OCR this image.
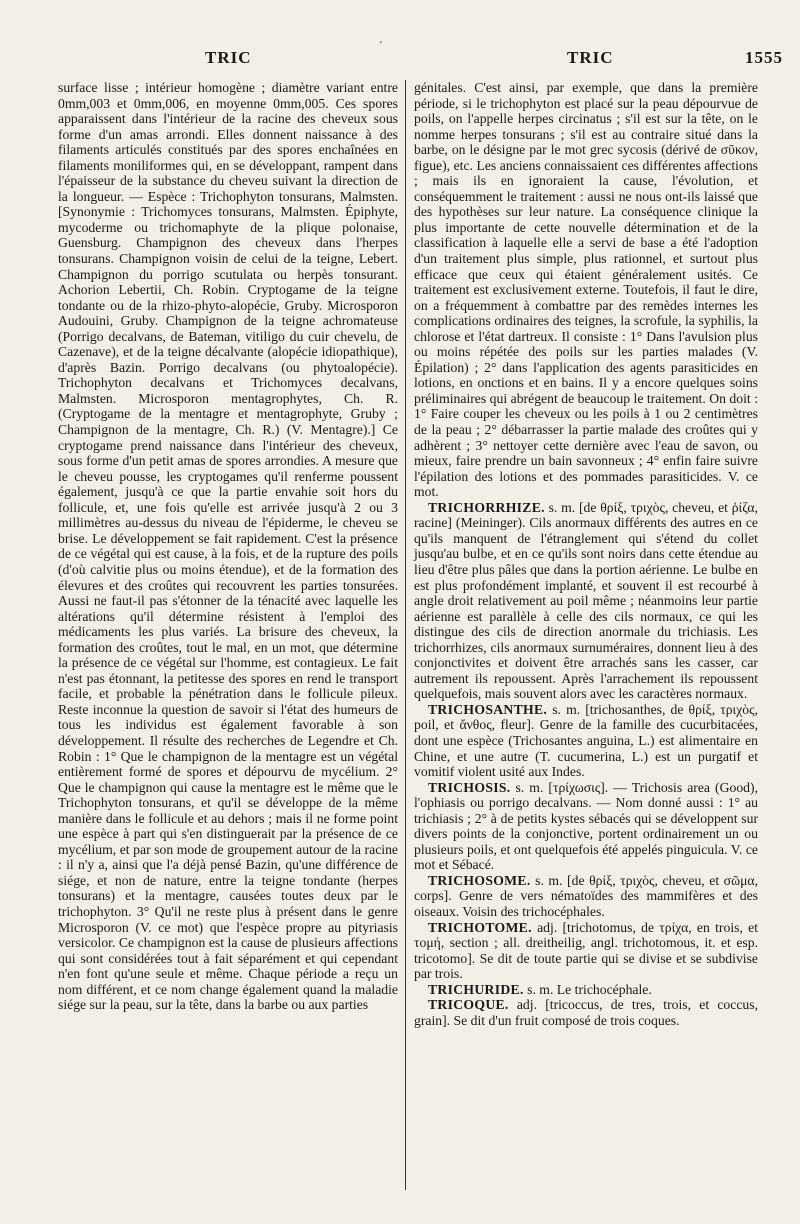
TRIC
'
TRIC	1555

surface lisse ; intérieur homogène ; diamètre variant entre 0mm,003 et 0mm,006, en moyenne 0mm,005. Ces spores apparaissent dans l'intérieur de la racine des cheveux sous forme d'un amas arrondi. Elles donnent naissance à des filaments articulés constitués par des spores enchaînées en filaments moniliformes qui, en se développant, rampent dans l'épaisseur de la substance du cheveu suivant la direction de la longueur. — Espèce : Trichophyton tonsurans, Malmsten. [Synonymie : Trichomyces tonsurans, Malmsten. Épiphyte, mycoderme ou trichomaphyte de la plique polonaise, Guensburg. Champignon des cheveux dans l'herpes tonsurans. Champignon voisin de celui de la teigne, Lebert. Champignon du porrigo scutulata ou herpès tonsurant. Achorion Lebertii, Ch. Robin. Cryptogame de la teigne tondante ou de la rhizo-phyto-alopécie, Gruby. Microsporon Audouini, Gruby. Champignon de la teigne achromateuse (Porrigo decalvans, de Bateman, vitiligo du cuir chevelu, de Cazenave), et de la teigne décalvante (alopécie idiopathique), d'après Bazin. Porrigo decalvans (ou phytoalopécie). Trichophyton decalvans et Trichomyces decalvans, Malmsten. Microsporon mentagrophytes, Ch. R. (Cryptogame de la mentagre et mentagrophyte, Gruby ; Champignon de la mentagre, Ch. R.) (V. Mentagre).] Ce cryptogame prend naissance dans l'intérieur des cheveux, sous forme d'un petit amas de spores arrondies. A mesure que le cheveu pousse, les cryptogames qu'il renferme poussent également, jusqu'à ce que la partie envahie soit hors du follicule, et, une fois qu'elle est arrivée jusqu'à 2 ou 3 millimètres au-dessus du niveau de l'épiderme, le cheveu se brise. Le développement se fait rapidement. C'est la présence de ce végétal qui est cause, à la fois, et de la rupture des poils (d'où calvitie plus ou moins étendue), et de la formation des élevures et des croûtes qui recouvrent les parties tonsurées. Aussi ne faut-il pas s'étonner de la ténacité avec laquelle les altérations qu'il détermine résistent à l'emploi des médicaments les plus variés. La brisure des cheveux, la formation des croûtes, tout le mal, en un mot, que détermine la présence de ce végétal sur l'homme, est contagieux. Le fait n'est pas étonnant, la petitesse des spores en rend le transport facile, et probable la pénétration dans le follicule pileux. Reste inconnue la question de savoir si l'état des humeurs de tous les individus est également favorable à son développement. Il résulte des recherches de Legendre et Ch. Robin : 1° Que le champignon de la mentagre est un végétal entièrement formé de spores et dépourvu de mycélium. 2° Que le champignon qui cause la mentagre est le même que le Trichophyton tonsurans, et qu'il se développe de la même manière dans le follicule et au dehors ; mais il ne forme point une espèce à part qui s'en distinguerait par la présence de ce mycélium, et par son mode de groupement autour de la racine : il n'y a, ainsi que l'a déjà pensé Bazin, qu'une différence de siége, et non de nature, entre la teigne tondante (herpes tonsurans) et la mentagre, causées toutes deux par le trichophyton. 3° Qu'il ne reste plus à présent dans le genre Microsporon (V. ce mot) que l'espèce propre au pityriasis versicolor. Ce champignon est la cause de plusieurs affections qui sont considérées tout à fait séparément et qui cependant n'en font qu'une seule et même. Chaque période a reçu un nom différent, et ce nom change également quand la maladie siége sur la peau, sur la tête, dans la barbe ou aux parties

génitales. C'est ainsi, par exemple, que dans la première période, si le trichophyton est placé sur la peau dépourvue de poils, on l'appelle herpes circinatus ; s'il est sur la tête, on le nomme herpes tonsurans ; s'il est au contraire situé dans la barbe, on le désigne par le mot grec sycosis (dérivé de σῦκον, figue), etc. Les anciens connaissaient ces différentes affections ; mais ils en ignoraient la cause, l'évolution, et conséquemment le traitement : aussi ne nous ont-ils laissé que des hypothèses sur leur nature. La conséquence clinique la plus importante de cette nouvelle détermination et de la classification à laquelle elle a servi de base a été l'adoption d'un traitement plus simple, plus rationnel, et surtout plus efficace que ceux qui étaient généralement usités. Ce traitement est exclusivement externe. Toutefois, il faut le dire, on a fréquemment à combattre par des remèdes internes les complications ordinaires des teignes, la scrofule, la syphilis, la chlorose et l'état dartreux. Il consiste : 1° Dans l'avulsion plus ou moins répétée des poils sur les parties malades (V. Épilation) ; 2° dans l'application des agents parasiticides en lotions, en onctions et en bains. Il y a encore quelques soins préliminaires qui abrégent de beaucoup le traitement. On doit : 1° Faire couper les cheveux ou les poils à 1 ou 2 centimètres de la peau ; 2° débarrasser la partie malade des croûtes qui y adhèrent ; 3° nettoyer cette dernière avec l'eau de savon, ou mieux, faire prendre un bain savonneux ; 4° enfin faire suivre l'épilation des lotions et des pommades parasiticides. V. ce mot.

TRICHORRHIZE. s. m. [de θρίξ, τριχὸς, cheveu, et ῥίζα, racine] (Meininger). Cils anormaux différents des autres en ce qu'ils manquent de l'étranglement qui s'étend du collet jusqu'au bulbe, et en ce qu'ils sont noirs dans cette étendue au lieu d'être plus pâles que dans la portion aérienne. Le bulbe en est plus profondément implanté, et souvent il est recourbé à angle droit relativement au poil même ; néanmoins leur partie aérienne est parallèle à celle des cils normaux, ce qui les distingue des cils de direction anormale du trichiasis. Les trichorrhizes, cils anormaux surnuméraires, donnent lieu à des conjonctivites et doivent être arrachés sans les casser, car autrement ils repoussent. Après l'arrachement ils repoussent quelquefois, mais souvent alors avec les caractères normaux.

TRICHOSANTHE. s. m. [trichosanthes, de θρίξ, τριχὸς, poil, et ἄνθος, fleur]. Genre de la famille des cucurbitacées, dont une espèce (Trichosantes anguina, L.) est alimentaire en Chine, et une autre (T. cucumerina, L.) est un purgatif et vomitif violent usité aux Indes.

TRICHOSIS. s. m. [τρίχωσις]. — Trichosis area (Good), l'ophiasis ou porrigo decalvans. — Nom donné aussi : 1° au trichiasis ; 2° à de petits kystes sébacés qui se développent sur divers points de la conjonctive, portent ordinairement un ou plusieurs poils, et ont quelquefois été appelés pinguicula. V. ce mot et Sébacé.

TRICHOSOME. s. m. [de θρίξ, τριχὸς, cheveu, et σῶμα, corps]. Genre de vers nématoïdes des mammifères et des oiseaux. Voisin des trichocéphales.

TRICHOTOME. adj. [trichotomus, de τρίχα, en trois, et τομή, section ; all. dreitheilig, angl. trichotomous, it. et esp. tricotomo]. Se dit de toute partie qui se divise et se subdivise par trois.

TRICHURIDE. s. m. Le trichocéphale.

TRICOQUE. adj. [tricoccus, de tres, trois, et coccus, grain]. Se dit d'un fruit composé de trois coques.
